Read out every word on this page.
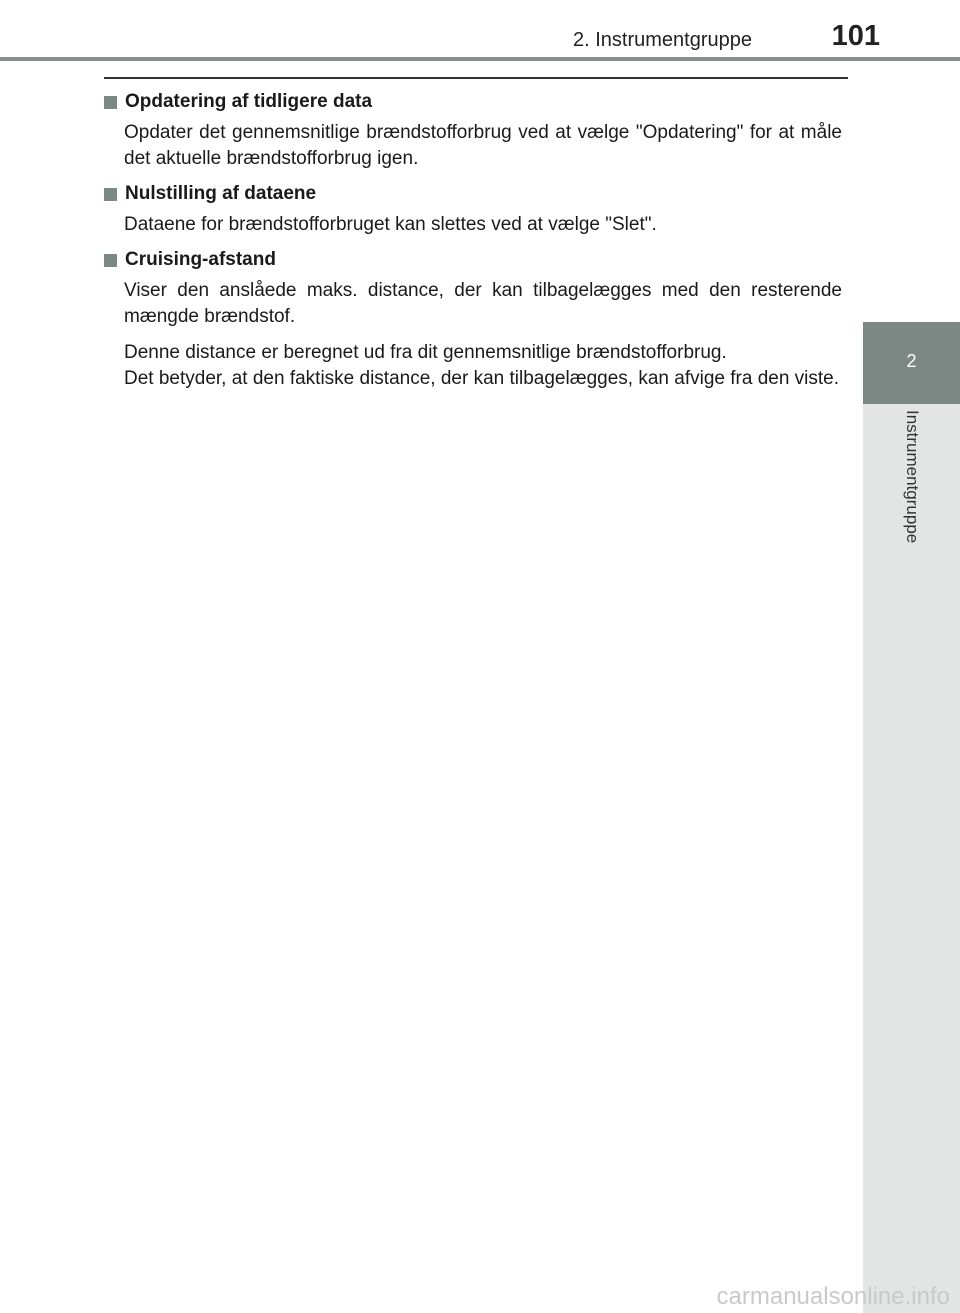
2. Instrumentgruppe	101
2
Instrumentgruppe
Opdatering af tidligere data

Opdater det gennemsnitlige brændstofforbrug ved at vælge "Opdatering" for at måle det aktuelle brændstofforbrug igen.

Nulstilling af dataene

Dataene for brændstofforbruget kan slettes ved at vælge "Slet".

Cruising-afstand

Viser den anslåede maks. distance, der kan tilbagelægges med den resterende mængde brændstof.

Denne distance er beregnet ud fra dit gennemsnitlige brændstofforbrug.
Det betyder, at den faktiske distance, der kan tilbagelægges, kan afvige fra den viste.

carmanualsonline.info
